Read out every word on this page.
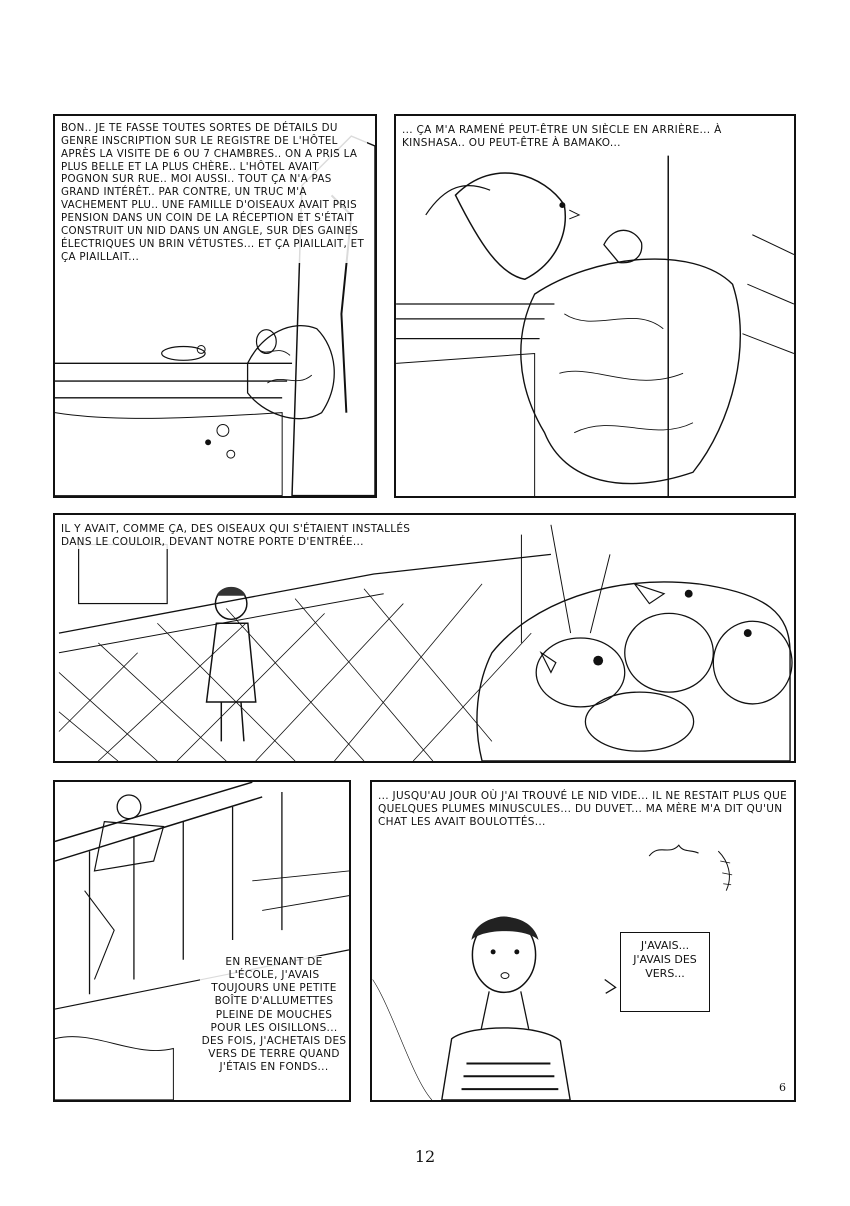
BON.. JE TE FASSE TOUTES SORTES DE DÉTAILS DU GENRE INSCRIPTION SUR LE REGISTRE DE L'HÔTEL APRÈS LA VISITE DE 6 OU 7 CHAMBRES.. ON A PRIS LA PLUS BELLE ET LA PLUS CHÈRE.. L'HÔTEL AVAIT POGNON SUR RUE.. MOI AUSSI.. TOUT ÇA N'A PAS GRAND INTÉRÊT.. PAR CONTRE, UN TRUC M'A VACHEMENT PLU.. UNE FAMILLE D'OISEAUX AVAIT PRIS PENSION DANS UN COIN DE LA RÉCEPTION ET S'ÉTAIT CONSTRUIT UN NID DANS UN ANGLE, SUR DES GAINES ÉLECTRIQUES UN BRIN VÉTUSTES... ET ÇA PIAILLAIT, ET ÇA PIAILLAIT...
... ÇA M'A RAMENÉ PEUT-ÊTRE UN SIÈCLE EN ARRIÈRE... À KINSHASA.. OU PEUT-ÊTRE À BAMAKO...
IL Y AVAIT, COMME ÇA, DES OISEAUX QUI S'ÉTAIENT INSTALLÉS DANS LE COULOIR, DEVANT NOTRE PORTE D'ENTRÉE...
EN REVENANT DE L'ÉCOLE, J'AVAIS TOUJOURS UNE PETITE BOÎTE D'ALLUMETTES PLEINE DE MOUCHES POUR LES OISILLONS... DES FOIS, J'ACHETAIS DES VERS DE TERRE QUAND J'ÉTAIS EN FONDS...
... JUSQU'AU JOUR OÙ J'AI TROUVÉ LE NID VIDE... IL NE RESTAIT PLUS QUE QUELQUES PLUMES MINUSCULES... DU DUVET... MA MÈRE M'A DIT QU'UN CHAT LES AVAIT BOULOTTÉS...
J'AVAIS... J'AVAIS DES VERS...
6
12
